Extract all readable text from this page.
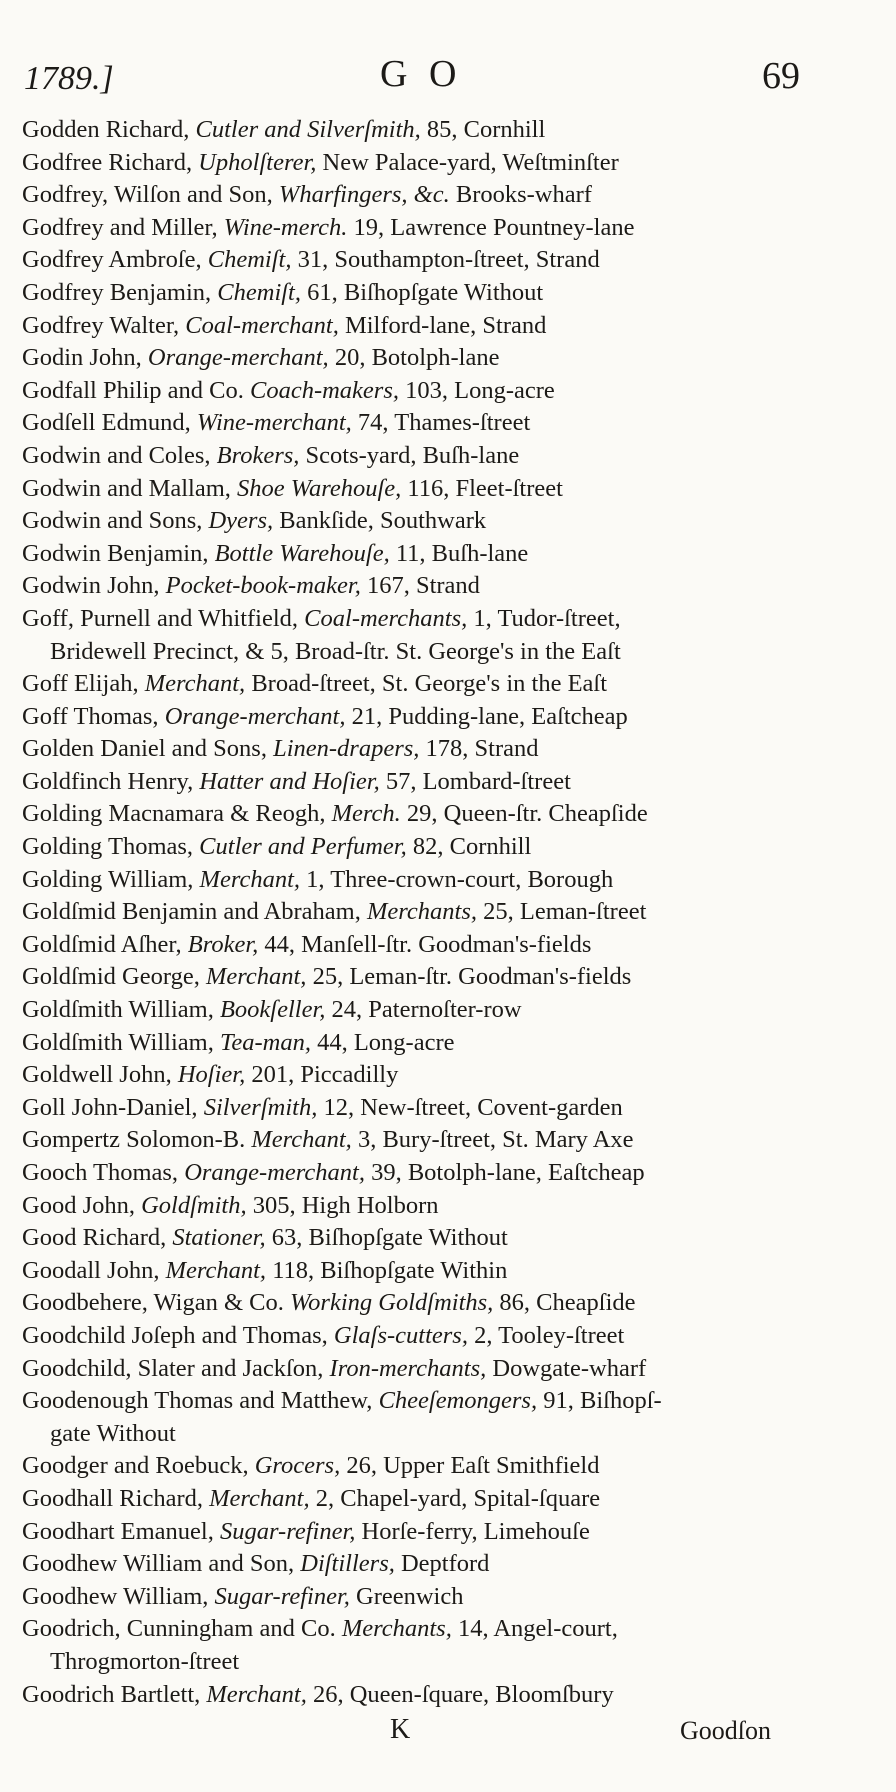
1789.]	G O	69
Godden Richard, Cutler and Silverſmith, 85, Cornhill
Godfree Richard, Upholſterer, New Palace-yard, Weſtminſter
Godfrey, Wilſon and Son, Wharfingers, &c. Brooks-wharf
Godfrey and Miller, Wine-merch. 19, Lawrence Pountney-lane
Godfrey Ambroſe, Chemiſt, 31, Southampton-ſtreet, Strand
Godfrey Benjamin, Chemiſt, 61, Biſhopſgate Without
Godfrey Walter, Coal-merchant, Milford-lane, Strand
Godin John, Orange-merchant, 20, Botolph-lane
Godfall Philip and Co. Coach-makers, 103, Long-acre
Godſell Edmund, Wine-merchant, 74, Thames-ſtreet
Godwin and Coles, Brokers, Scots-yard, Buſh-lane
Godwin and Mallam, Shoe Warehouſe, 116, Fleet-ſtreet
Godwin and Sons, Dyers, Bankſide, Southwark
Godwin Benjamin, Bottle Warehouſe, 11, Buſh-lane
Godwin John, Pocket-book-maker, 167, Strand
Goff, Purnell and Whitfield, Coal-merchants, 1, Tudor-ſtreet,
Bridewell Precinct, & 5, Broad-ſtr. St. George's in the Eaſt
Goff Elijah, Merchant, Broad-ſtreet, St. George's in the Eaſt
Goff Thomas, Orange-merchant, 21, Pudding-lane, Eaſtcheap
Golden Daniel and Sons, Linen-drapers, 178, Strand
Goldfinch Henry, Hatter and Hoſier, 57, Lombard-ſtreet
Golding Macnamara & Reogh, Merch. 29, Queen-ſtr. Cheapſide
Golding Thomas, Cutler and Perfumer, 82, Cornhill
Golding William, Merchant, 1, Three-crown-court, Borough
Goldſmid Benjamin and Abraham, Merchants, 25, Leman-ſtreet
Goldſmid Aſher, Broker, 44, Manſell-ſtr. Goodman's-fields
Goldſmid George, Merchant, 25, Leman-ſtr. Goodman's-fields
Goldſmith William, Bookſeller, 24, Paternoſter-row
Goldſmith William, Tea-man, 44, Long-acre
Goldwell John, Hoſier, 201, Piccadilly
Goll John-Daniel, Silverſmith, 12, New-ſtreet, Covent-garden
Gompertz Solomon-B. Merchant, 3, Bury-ſtreet, St. Mary Axe
Gooch Thomas, Orange-merchant, 39, Botolph-lane, Eaſtcheap
Good John, Goldſmith, 305, High Holborn
Good Richard, Stationer, 63, Biſhopſgate Without
Goodall John, Merchant, 118, Biſhopſgate Within
Goodbehere, Wigan & Co. Working Goldſmiths, 86, Cheapſide
Goodchild Joſeph and Thomas, Glaſs-cutters, 2, Tooley-ſtreet
Goodchild, Slater and Jackſon, Iron-merchants, Dowgate-wharf
Goodenough Thomas and Matthew, Cheeſemongers, 91, Biſhopſ-
gate Without
Goodger and Roebuck, Grocers, 26, Upper Eaſt Smithfield
Goodhall Richard, Merchant, 2, Chapel-yard, Spital-ſquare
Goodhart Emanuel, Sugar-refiner, Horſe-ferry, Limehouſe
Goodhew William and Son, Diſtillers, Deptford
Goodhew William, Sugar-refiner, Greenwich
Goodrich, Cunningham and Co. Merchants, 14, Angel-court,
Throgmorton-ſtreet
Goodrich Bartlett, Merchant, 26, Queen-ſquare, Bloomſbury
K	Goodſon
